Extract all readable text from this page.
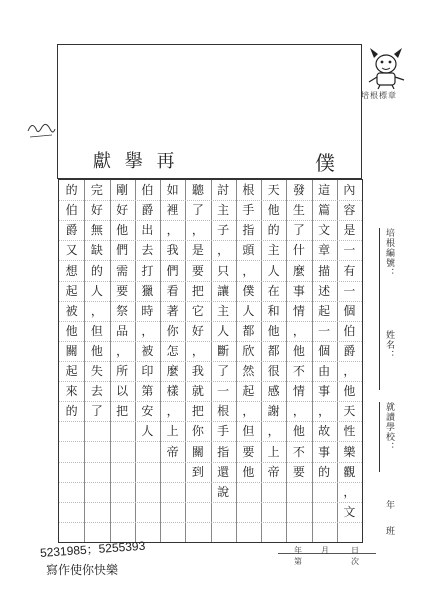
培根標章
獻 擧 再	僕
內
容
是
一
有
一
個
伯
爵
，
他
天
性
樂
觀
，
文
這
篇
文
章
描
述
起
一
個
由
事
，
故
事
的
發
生
了
什
麼
事
情
，
他
不
情
，
他
不
要
天
他
的
主
人
在
和
他
都
很
感
謝
，
上
帝
根
手
指
頭
，
僕
人
都
欣
然
起
，
但
要
他
討
主
子
，
只
讓
主
人
斷
了
一
根
手
指
還
說
聽
了
，
是
要
把
它
好
，
我
就
把
你
關
到
如
裡
，
我
們
看
著
你
怎
麼
樣
，
上
帝
伯
爵
出
去
打
獵
時
，
被
印
第
安
人
剛
好
他
們
需
要
祭
品
，
所
以
把
完
好
無
缺
的
人
，
但
他
失
去
了
的
伯
爵
又
想
起
被
他
關
起
來
的
培根編號：
姓名：
就讀學校：
年
班
年 月	日
第	次
5231985；5255393
寫作使你快樂
